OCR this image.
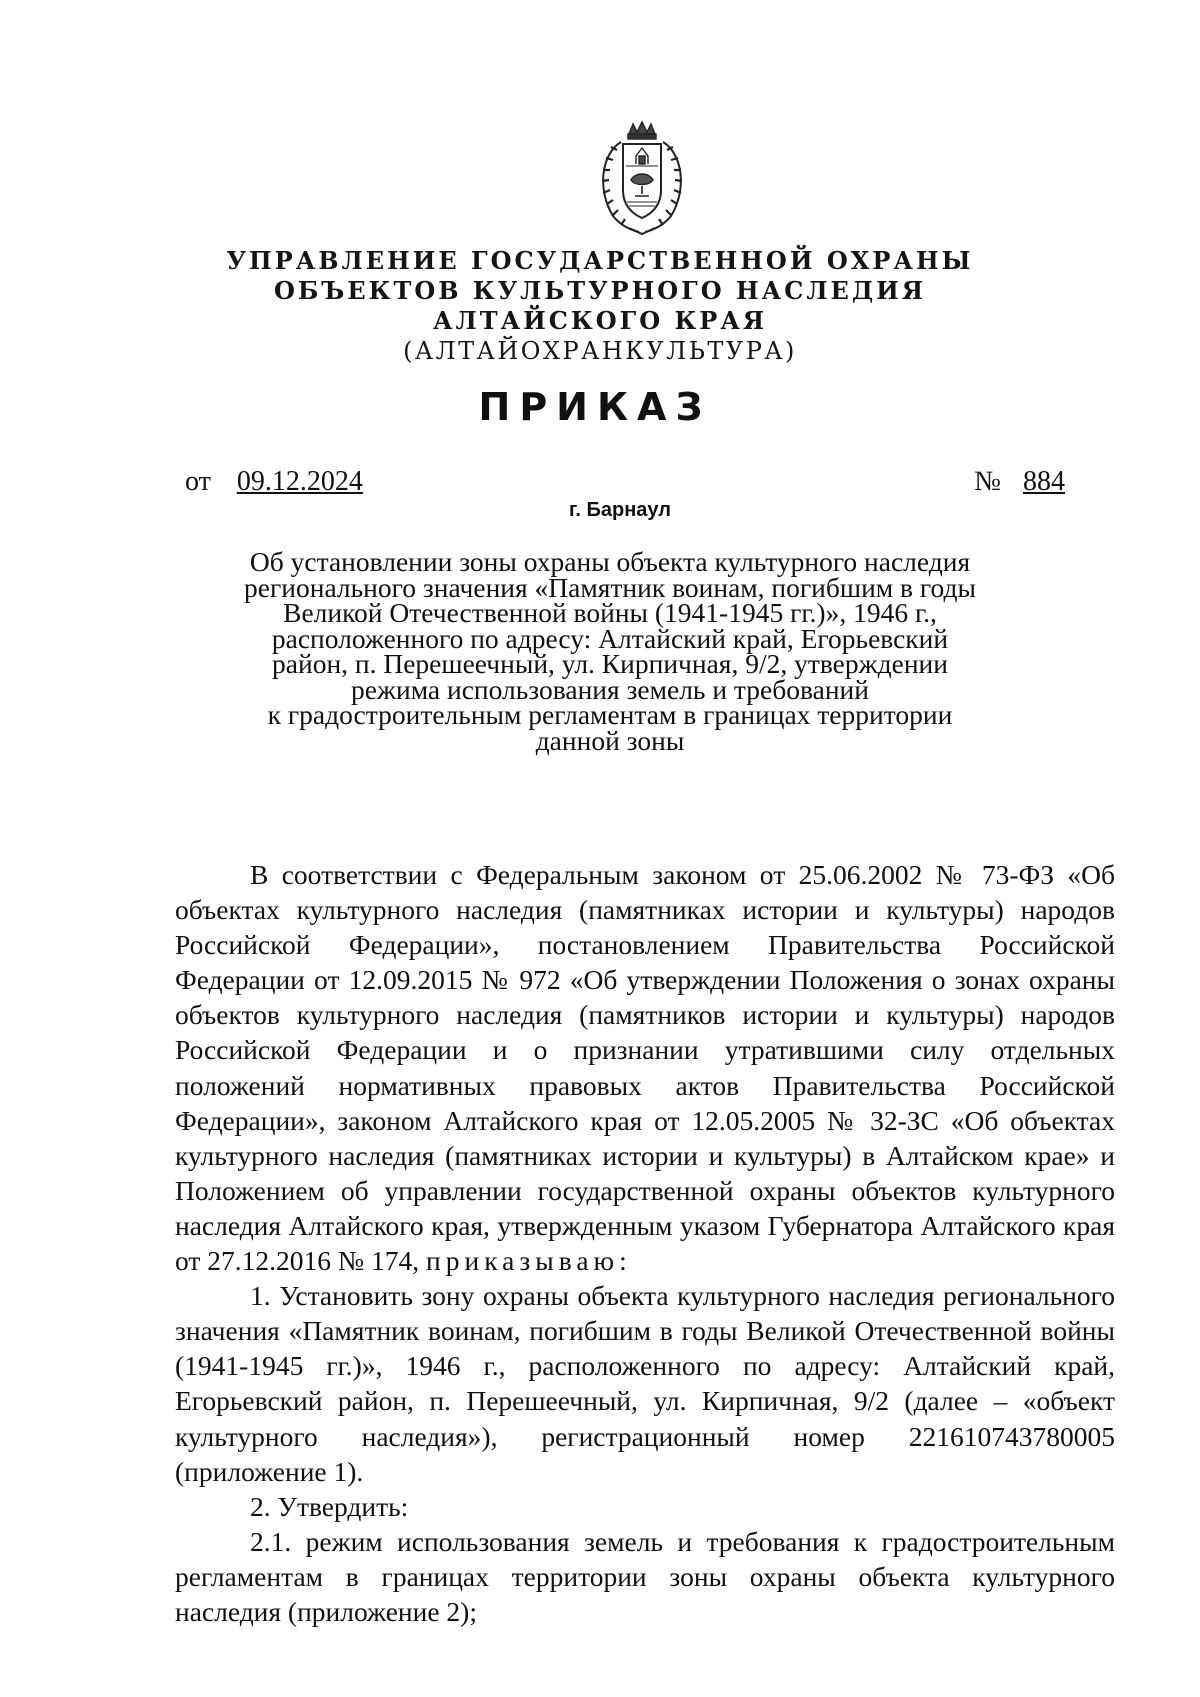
УПРАВЛЕНИЕ ГОСУДАРСТВЕННОЙ ОХРАНЫ
ОБЪЕКТОВ КУЛЬТУРНОГО НАСЛЕДИЯ
АЛТАЙСКОГО КРАЯ
(АЛТАЙОХРАНКУЛЬТУРА)
ПРИКАЗ
от 09.12.2024	№ 884
г. Барнаул
Об установлении зоны охраны объекта культурного наследия
регионального значения «Памятник воинам, погибшим в годы
Великой Отечественной войны (1941-1945 гг.)», 1946 г.,
расположенного по адресу: Алтайский край, Егорьевский
район, п. Перешеечный, ул. Кирпичная, 9/2, утверждении
режима использования земель и требований
к градостроительным регламентам в границах территории
данной зоны

В соответствии с Федеральным законом от 25.06.2002 № 73-ФЗ «Об объектах культурного наследия (памятниках истории и культуры) народов Российской Федерации», постановлением Правительства Российской Федерации от 12.09.2015 № 972 «Об утверждении Положения о зонах охраны объектов культурного наследия (памятников истории и культуры) народов Российской Федерации и о признании утратившими силу отдельных положений нормативных правовых актов Правительства Российской Федерации», законом Алтайского края от 12.05.2005 № 32-ЗС «Об объектах культурного наследия (памятниках истории и культуры) в Алтайском крае» и Положением об управлении государственной охраны объектов культурного наследия Алтайского края, утвержденным указом Губернатора Алтайского края от 27.12.2016 № 174, приказываю:

1. Установить зону охраны объекта культурного наследия регионального значения «Памятник воинам, погибшим в годы Великой Отечественной войны (1941-1945 гг.)», 1946 г., расположенного по адресу: Алтайский край, Егорьевский район, п. Перешеечный, ул. Кирпичная, 9/2 (далее – «объект культурного наследия»), регистрационный номер 221610743780005 (приложение 1).

2. Утвердить:

2.1. режим использования земель и требования к градостроительным регламентам в границах территории зоны охраны объекта культурного наследия (приложение 2);
